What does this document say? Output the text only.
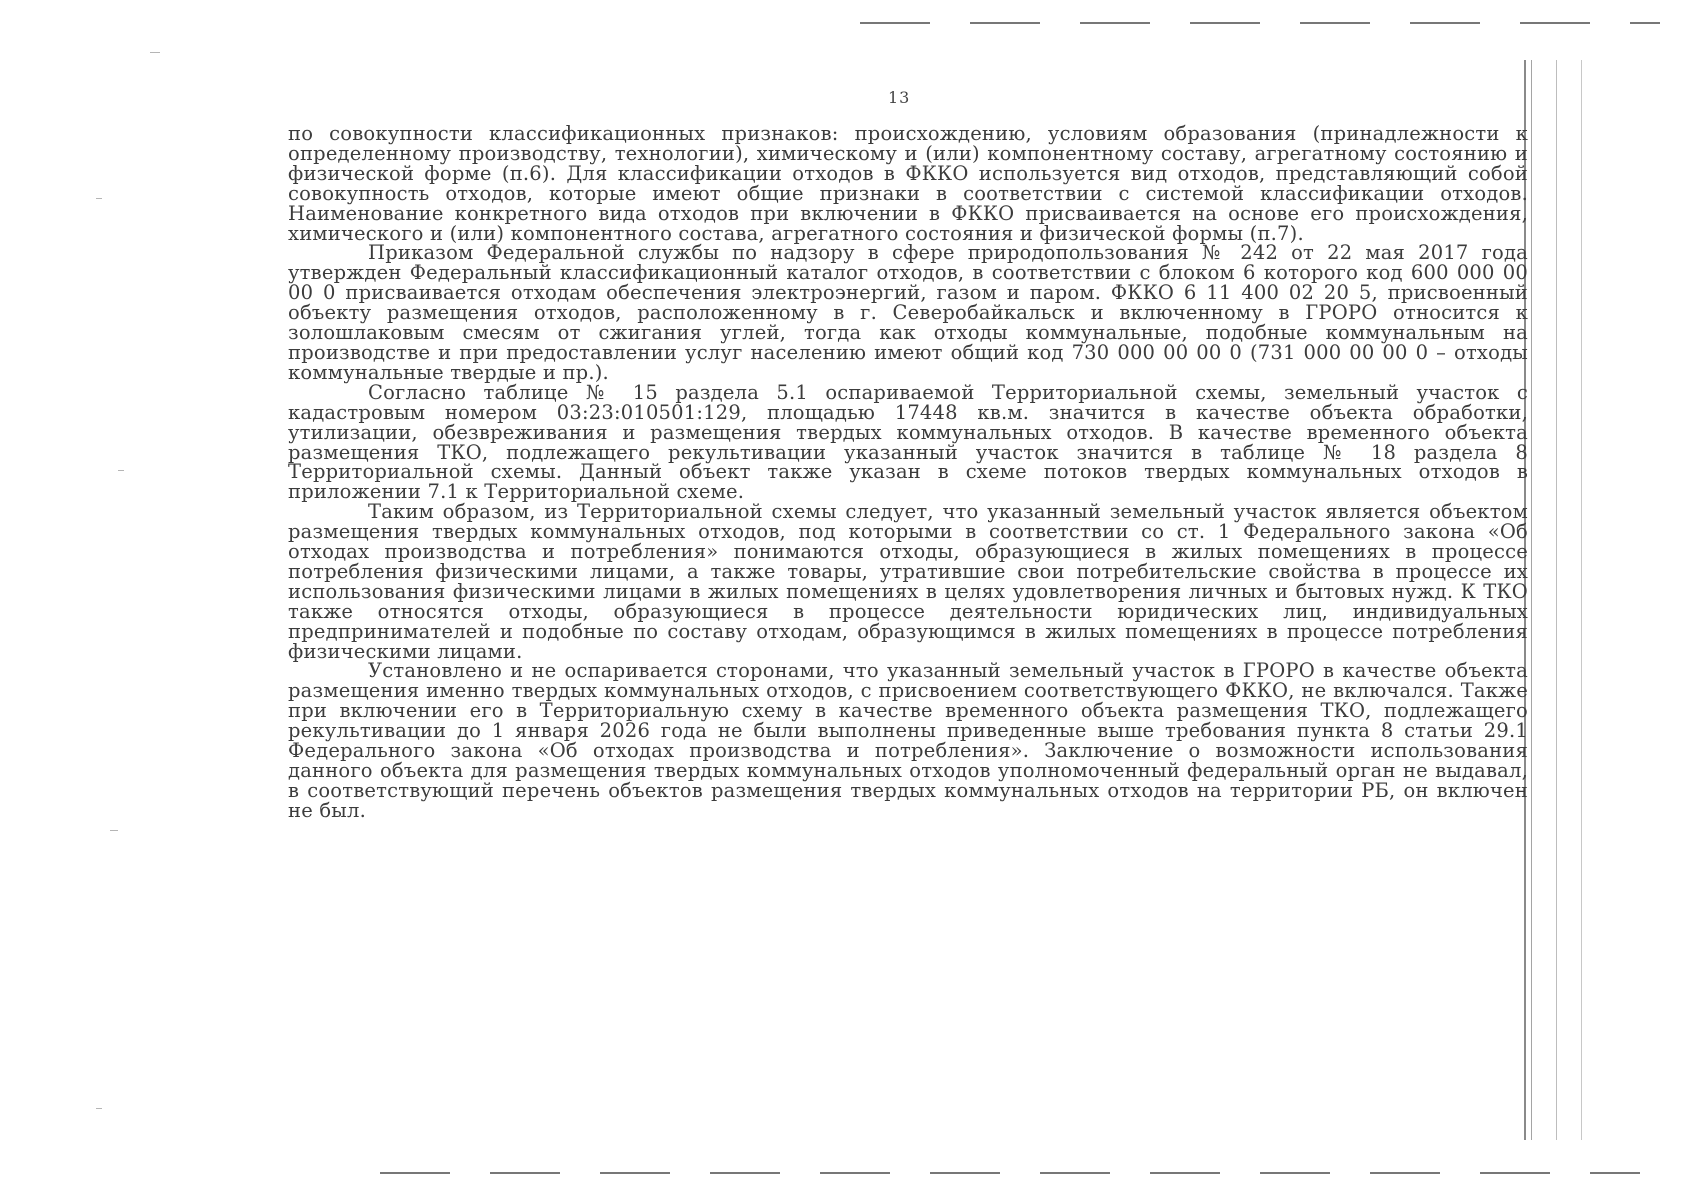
13

по совокупности классификационных признаков: происхождению, условиям образования (принадлежности к определенному производству, технологии), химическому и (или) компонентному составу, агрегатному состоянию и физической форме (п.6). Для классификации отходов в ФККО используется вид отходов, представляющий собой совокупность отходов, которые имеют общие признаки в соответствии с системой классификации отходов. Наименование конкретного вида отходов при включении в ФККО присваивается на основе его происхождения, химического и (или) компонентного состава, агрегатного состояния и физической формы (п.7).

Приказом Федеральной службы по надзору в сфере природопользования № 242 от 22 мая 2017 года утвержден Федеральный классификационный каталог отходов, в соответствии с блоком 6 которого код 600 000 00 00 0 присваивается отходам обеспечения электроэнергий, газом и паром. ФККО 6 11 400 02 20 5, присвоенный объекту размещения отходов, расположенному в г. Северобайкальск и включенному в ГРОРО относится к золошлаковым смесям от сжигания углей, тогда как отходы коммунальные, подобные коммунальным на производстве и при предоставлении услуг населению имеют общий код 730 000 00 00 0 (731 000 00 00 0 – отходы коммунальные твердые и пр.).

Согласно таблице № 15 раздела 5.1 оспариваемой Территориальной схемы, земельный участок с кадастровым номером 03:23:010501:129, площадью 17448 кв.м. значится в качестве объекта обработки, утилизации, обезвреживания и размещения твердых коммунальных отходов. В качестве временного объекта размещения ТКО, подлежащего рекультивации указанный участок значится в таблице № 18 раздела 8 Территориальной схемы. Данный объект также указан в схеме потоков твердых коммунальных отходов в приложении 7.1 к Территориальной схеме.

Таким образом, из Территориальной схемы следует, что указанный земельный участок является объектом размещения твердых коммунальных отходов, под которыми в соответствии со ст. 1 Федерального закона «Об отходах производства и потребления» понимаются отходы, образующиеся в жилых помещениях в процессе потребления физическими лицами, а также товары, утратившие свои потребительские свойства в процессе их использования физическими лицами в жилых помещениях в целях удовлетворения личных и бытовых нужд. К ТКО также относятся отходы, образующиеся в процессе деятельности юридических лиц, индивидуальных предпринимателей и подобные по составу отходам, образующимся в жилых помещениях в процессе потребления физическими лицами.

Установлено и не оспаривается сторонами, что указанный земельный участок в ГРОРО в качестве объекта размещения именно твердых коммунальных отходов, с присвоением соответствующего ФККО, не включался. Также при включении его в Территориальную схему в качестве временного объекта размещения ТКО, подлежащего рекультивации до 1 января 2026 года не были выполнены приведенные выше требования пункта 8 статьи 29.1 Федерального закона «Об отходах производства и потребления». Заключение о возможности использования данного объекта для размещения твердых коммунальных отходов уполномоченный федеральный орган не выдавал, в соответствующий перечень объектов размещения твердых коммунальных отходов на территории РБ, он включен не был.
